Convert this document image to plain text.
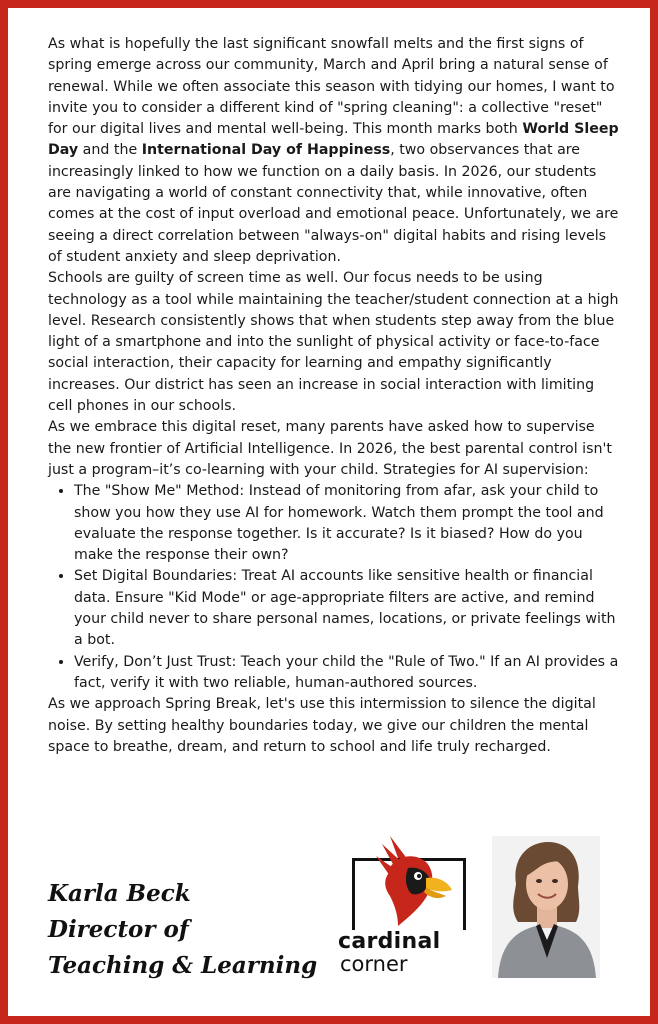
As what is hopefully the last significant snowfall melts and the first signs of spring emerge across our community, March and April bring a natural sense of renewal. While we often associate this season with tidying our homes, I want to invite you to consider a different kind of "spring cleaning": a collective "reset" for our digital lives and mental well-being. This month marks both World Sleep Day and the International Day of Happiness, two observances that are increasingly linked to how we function on a daily basis. In 2026, our students are navigating a world of constant connectivity that, while innovative, often comes at the cost of input overload and emotional peace. Unfortunately, we are seeing a direct correlation between "always-on" digital habits and rising levels of student anxiety and sleep deprivation.

Schools are guilty of screen time as well. Our focus needs to be using technology as a tool while maintaining the teacher/student connection at a high level. Research consistently shows that when students step away from the blue light of a smartphone and into the sunlight of physical activity or face-to-face social interaction, their capacity for learning and empathy significantly increases. Our district has seen an increase in social interaction with limiting cell phones in our schools.

As we embrace this digital reset, many parents have asked how to supervise the new frontier of Artificial Intelligence. In 2026, the best parental control isn't just a program–it’s co-learning with your child. Strategies for AI supervision:

• The "Show Me" Method: Instead of monitoring from afar, ask your child to show you how they use AI for homework. Watch them prompt the tool and evaluate the response together. Is it accurate? Is it biased? How do you make the response their own?
• Set Digital Boundaries: Treat AI accounts like sensitive health or financial data. Ensure "Kid Mode" or age-appropriate filters are active, and remind your child never to share personal names, locations, or private feelings with a bot.
• Verify, Don’t Just Trust: Teach your child the "Rule of Two." If an AI provides a fact, verify it with two reliable, human-authored sources.

As we approach Spring Break, let's use this intermission to silence the digital noise. By setting healthy boundaries today, we give our children the mental space to breathe, dream, and return to school and life truly recharged.

Karla Beck
Director of
Teaching & Learning
cardinal
corner
